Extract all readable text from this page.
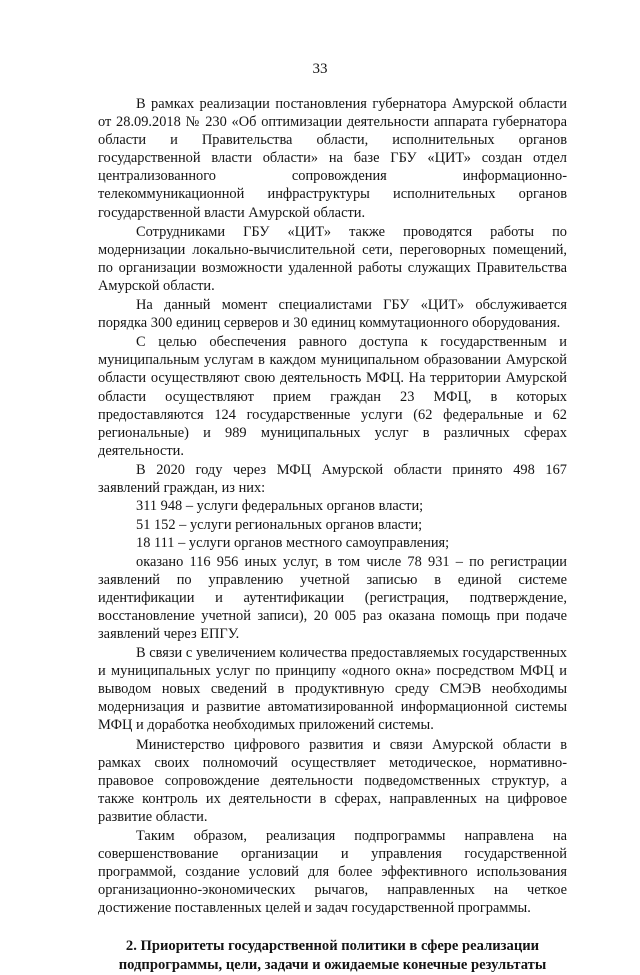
33

В рамках реализации постановления губернатора Амурской области от 28.09.2018 № 230 «Об оптимизации деятельности аппарата губернатора области и Правительства области, исполнительных органов государственной власти области» на базе ГБУ «ЦИТ» создан отдел централизованного сопровождения информационно-телекоммуникационной инфраструктуры исполнительных органов государственной власти Амурской области.

Сотрудниками ГБУ «ЦИТ» также проводятся работы по модернизации локально-вычислительной сети, переговорных помещений, по организации возможности удаленной работы служащих Правительства Амурской области.

На данный момент специалистами ГБУ «ЦИТ» обслуживается порядка 300 единиц серверов и 30 единиц коммутационного оборудования.

С целью обеспечения равного доступа к государственным и муниципальным услугам в каждом муниципальном образовании Амурской области осуществляют свою деятельность МФЦ. На территории Амурской области осуществляют прием граждан 23 МФЦ, в которых предоставляются 124 государственные услуги (62 федеральные и 62 региональные) и 989 муниципальных услуг в различных сферах деятельности.

В 2020 году через МФЦ Амурской области принято 498 167 заявлений граждан, из них:

311 948 – услуги федеральных органов власти;

51 152 – услуги региональных органов власти;

18 111 – услуги органов местного самоуправления;

оказано 116 956 иных услуг, в том числе 78 931 – по регистрации заявлений по управлению учетной записью в единой системе идентификации и аутентификации (регистрация, подтверждение, восстановление учетной записи), 20 005 раз оказана помощь при подаче заявлений через ЕПГУ.

В связи с увеличением количества предоставляемых государственных и муниципальных услуг по принципу «одного окна» посредством МФЦ и выводом новых сведений в продуктивную среду СМЭВ необходимы модернизация и развитие автоматизированной информационной системы МФЦ и доработка необходимых приложений системы.

Министерство цифрового развития и связи Амурской области в рамках своих полномочий осуществляет методическое, нормативно-правовое сопровождение деятельности подведомственных структур, а также контроль их деятельности в сферах, направленных на цифровое развитие области.

Таким образом, реализация подпрограммы направлена на совершенствование организации и управления государственной программой, создание условий для более эффективного использования организационно-экономических рычагов, направленных на четкое достижение поставленных целей и задач государственной программы.

2. Приоритеты государственной политики в сфере реализации подпрограммы, цели, задачи и ожидаемые конечные результаты
